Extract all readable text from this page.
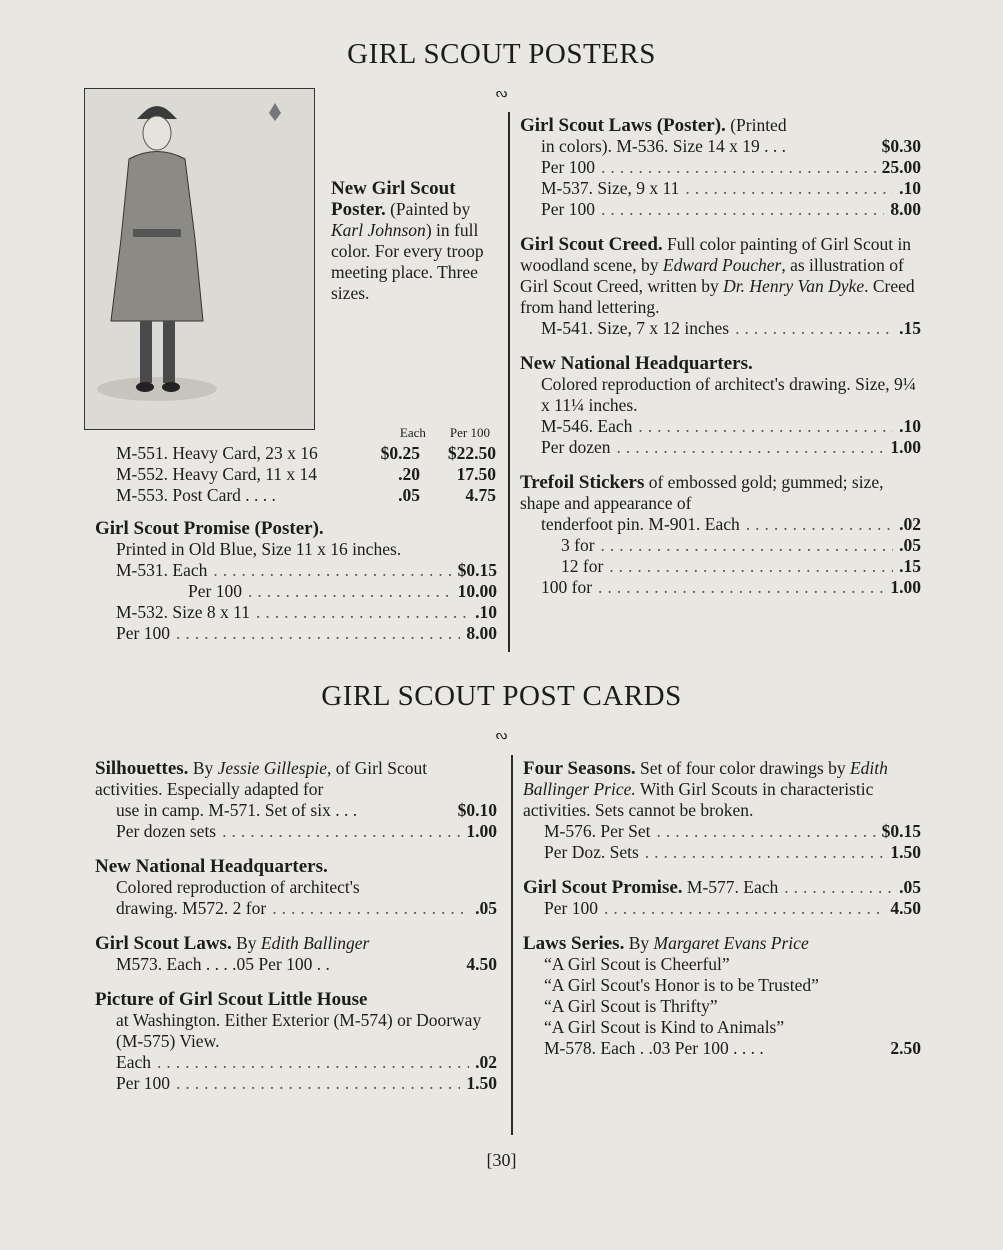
GIRL SCOUT POSTERS
ᔓ
New Girl Scout Poster. (Painted by Karl Johnson) in full color. For every troop meeting place. Three sizes.
Each Per 100
M-551. Heavy Card, 23 x 16	$0.25	$22.50
M-552. Heavy Card, 11 x 14	.20	17.50
M-553. Post Card . . . .	.05	4.75
Girl Scout Promise (Poster).
Printed in Old Blue, Size 11 x 16 inches.
M-531. Each .....	$0.15
Per 100 .....	10.00
M-532. Size 8 x 11 .....	.10
Per 100 .....	8.00
Girl Scout Laws (Poster). (Printed
in colors). M-536. Size 14 x 19 . . .	$0.30
Per 100 .....	25.00
M-537. Size, 9 x 11 .....	.10
Per 100 .....	8.00
Girl Scout Creed. Full color painting of Girl Scout in woodland scene, by Edward Poucher, as illustration of Girl Scout Creed, written by Dr. Henry Van Dyke. Creed from hand lettering.
M-541. Size, 7 x 12 inches .....	.15
New National Headquarters.
Colored reproduction of architect's drawing. Size, 9¼ x 11¼ inches.
M-546. Each .....	.10
Per dozen .....	1.00
Trefoil Stickers of embossed gold; gummed; size, shape and appearance of
tenderfoot pin. M-901. Each .....	.02
3 for .....	.05
12 for .....	.15
100 for .....	1.00
GIRL SCOUT POST CARDS
ᔓ
Silhouettes. By Jessie Gillespie, of Girl Scout activities. Especially adapted for
use in camp. M-571. Set of six . . .	$0.10
Per dozen sets .....	1.00
New National Headquarters.
Colored reproduction of architect's
drawing. M572. 2 for .....	.05
Girl Scout Laws. By Edith Ballinger
M573. Each . . . .05 Per 100 . .	4.50
Picture of Girl Scout Little House
at Washington. Either Exterior (M-574) or Doorway (M-575) View.
Each .....	.02
Per 100 .....	1.50
Four Seasons. Set of four color drawings by Edith Ballinger Price. With Girl Scouts in characteristic activities. Sets cannot be broken.
M-576. Per Set .....	$0.15
Per Doz. Sets .....	1.50
Girl Scout Promise. M-577. Each .....	.05
Per 100 .....	4.50
Laws Series. By Margaret Evans Price
“A Girl Scout is Cheerful”
“A Girl Scout's Honor is to be Trusted”
“A Girl Scout is Thrifty”
“A Girl Scout is Kind to Animals”
M-578. Each . .03 Per 100 . . . .	2.50
[30]
